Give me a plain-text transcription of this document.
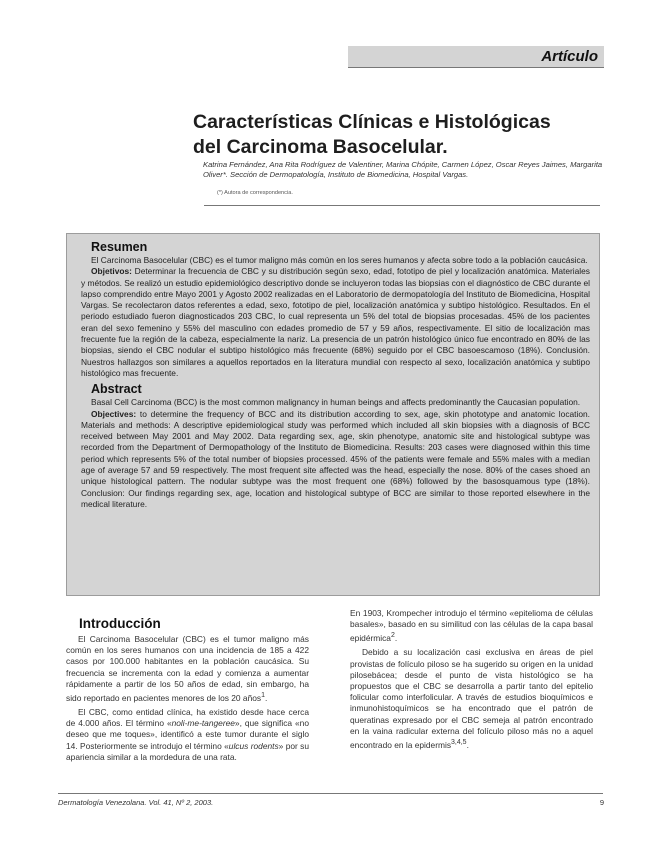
Artículo
Características Clínicas e Histológicas
del Carcinoma Basocelular.
Katrina Fernández, Ana Rita Rodríguez de Valentiner, Marina Chópite, Carmen López, Oscar Reyes Jaimes, Margarita Oliver*. Sección de Dermopatología, Instituto de Biomedicina, Hospital Vargas.
(*) Autora de correspondencia.
Resumen

El Carcinoma Basocelular (CBC) es el tumor maligno más común en los seres humanos y afecta sobre todo a la población caucásica.

Objetivos: Determinar la frecuencia de CBC y su distribución según sexo, edad, fototipo de piel y localización anatómica. Materiales y métodos. Se realizó un estudio epidemiológico descriptivo donde se incluyeron todas las biopsias con el diagnóstico de CBC durante el lapso comprendido entre Mayo 2001 y Agosto 2002 realizadas en el Laboratorio de dermopatología del Instituto de Biomedicina, Hospital Vargas. Se recolectaron datos referentes a edad, sexo, fototipo de piel, localización anatómica y subtipo histológico. Resultados. En el periodo estudiado fueron diagnosticados 203 CBC, lo cual representa un 5% del total de biopsias procesadas. 45% de los pacientes eran del sexo femenino y 55% del masculino con edades promedio de 57 y 59 años, respectivamente. El sitio de localización mas frecuente fue la región de la cabeza, especialmente la nariz. La presencia de un patrón histológico único fue encontrado en 80% de las biopsias, siendo el CBC nodular el subtipo histológico más frecuente (68%) seguido por el CBC basoescamoso (18%). Conclusión. Nuestros hallazgos son similares a aquellos reportados en la literatura mundial con respecto al sexo, localización anatómica y subtipo histológico mas frecuente.

Abstract

Basal Cell Carcinoma (BCC) is the most common malignancy in human beings and affects predominantly the Caucasian population.

Objectives: to determine the frequency of BCC and its distribution according to sex, age, skin phototype and anatomic location. Materials and methods: A descriptive epidemiological study was performed which included all skin biopsies with a diagnosis of BCC received between May 2001 and May 2002. Data regarding sex, age, skin phenotype, anatomic site and histological subtype was recorded from the Department of Dermopathology of the Instituto de Biomedicina. Results: 203 cases were diagnosed within this time period which represents 5% of the total number of biopsies processed. 45% of the patients were female and 55% males with a median age of average 57 and 59 respectively. The most frequent site affected was the head, especially the nose. 80% of the cases shoed an unique histological pattern. The nodular subtype was the most frequent one (68%) followed by the basosquamous type (18%). Conclusion: Our findings regarding sex, age, location and histological subtype of BCC are similar to those reported elsewhere in the medical literature.

Introducción

El Carcinoma Basocelular (CBC) es el tumor maligno más común en los seres humanos con una incidencia de 185 a 422 casos por 100.000 habitantes en la población caucásica. Su frecuencia se incrementa con la edad y comienza a aumentar rápidamente a partir de los 50 años de edad, sin embargo, ha sido reportado en pacientes menores de los 20 años$^1$.

El CBC, como entidad clínica, ha existido desde hace cerca de 4.000 años. El término «noli-me-tangeree», que significa «no deseo que me toques», identificó a este tumor durante el siglo 14. Posteriormente se introdujo el término «ulcus rodents» por su apariencia similar a la mordedura de una rata.

En 1903, Krompecher introdujo el término «epitelioma de células basales», basado en su similitud con las células de la capa basal epidérmica$^2$.

Debido a su localización casi exclusiva en áreas de piel provistas de folículo piloso se ha sugerido su origen en la unidad pilosebácea; desde el punto de vista histológico se ha propuestos que el CBC se desarrolla a partir tanto del epitelio folicular como interfolicular. A través de estudios bioquímicos e inmunohistoquímicos se ha encontrado que el patrón de queratinas expresado por el CBC semeja al patrón encontrado en la vaina radicular externa del folículo piloso más no a aquel encontrado en la epidermis$^{3,4,5}$.

Dermatología Venezolana. Vol. 41, Nº 2, 2003.	9
